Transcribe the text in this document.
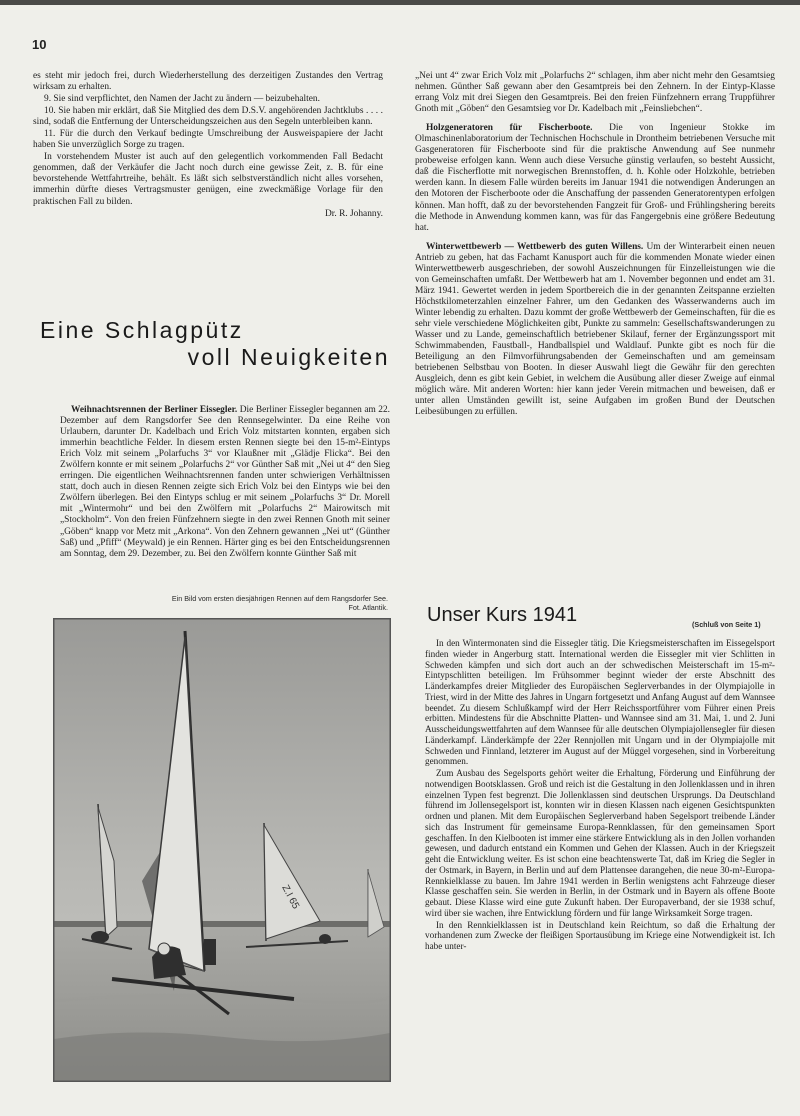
10

es steht mir jedoch frei, durch Wiederherstellung des derzeitigen Zustandes den Vertrag wirksam zu erhalten.

9. Sie sind verpflichtet, den Namen der Jacht zu ändern — beizubehalten.

10. Sie haben mir erklärt, daß Sie Mitglied des dem D.S.V. angehörenden Jachtklubs . . . . sind, sodaß die Entfernung der Unterscheidungszeichen aus den Segeln unterbleiben kann.

11. Für die durch den Verkauf bedingte Umschreibung der Ausweispapiere der Jacht haben Sie unverzüglich Sorge zu tragen.

In vorstehendem Muster ist auch auf den gelegentlich vorkommenden Fall Bedacht genommen, daß der Verkäufer die Jacht noch durch eine gewisse Zeit, z. B. für eine bevorstehende Wettfahrtreihe, behält. Es läßt sich selbstverständlich nicht alles vorsehen, immerhin dürfte dieses Vertragsmuster genügen, eine zweckmäßige Vorlage für den praktischen Fall zu bilden.

Dr. R. Johanny.

Eine Schlagpütz
voll Neuigkeiten

Weihnachtsrennen der Berliner Eissegler. Die Berliner Eissegler begannen am 22. Dezember auf dem Rangsdorfer See den Rennsegelwinter. Da eine Reihe von Urlaubern, darunter Dr. Kadelbach und Erich Volz mitstarten konnten, ergaben sich immerhin beachtliche Felder. In diesem ersten Rennen siegte bei den 15-m²-Eintyps Erich Volz mit seinem „Polarfuchs 3“ vor Klaußner mit „Glädje Flicka“. Bei den Zwölfern konnte er mit seinem „Polarfuchs 2“ vor Günther Saß mit „Nei ut 4“ den Sieg erringen. Die eigentlichen Weihnachtsrennen fanden unter schwierigen Verhältnissen statt, doch auch in diesen Rennen zeigte sich Erich Volz bei den Eintyps wie bei den Zwölfern überlegen. Bei den Eintyps schlug er mit seinem „Polarfuchs 3“ Dr. Morell mit „Wintermohr“ und bei den Zwölfern mit „Polarfuchs 2“ Mairowitsch mit „Stockholm“. Von den freien Fünfzehnern siegte in den zwei Rennen Gnoth mit seiner „Göben“ knapp vor Metz mit „Arkona“. Von den Zehnern gewannen „Nei ut“ (Günther Saß) und „Pfiff“ (Meywald) je ein Rennen. Härter ging es bei den Entscheidungsrennen am Sonntag, dem 29. Dezember, zu. Bei den Zwölfern konnte Günther Saß mit

Ein Bild vom ersten diesjährigen Rennen auf dem Rangsdorfer See.
Fot. Atlantik.
Z.I 65

„Nei unt 4“ zwar Erich Volz mit „Polarfuchs 2“ schlagen, ihm aber nicht mehr den Gesamtsieg nehmen. Günther Saß gewann aber den Gesamtpreis bei den Zehnern. In der Eintyp-Klasse errang Volz mit drei Siegen den Gesamtpreis. Bei den freien Fünfzehnern errang Truppführer Gnoth mit „Göben“ den Gesamtsieg vor Dr. Kadelbach mit „Feinsliebchen“.

Holzgeneratoren für Fischerboote. Die von Ingenieur Stokke im Olmaschinenlaboratorium der Technischen Hochschule in Drontheim betriebenen Versuche mit Gasgeneratoren für Fischerboote sind für die praktische Anwendung auf See nunmehr probeweise erfolgen kann. Wenn auch diese Versuche günstig verlaufen, so besteht Aussicht, daß die Fischerflotte mit norwegischen Brennstoffen, d. h. Kohle oder Holzkohle, betrieben werden kann. In diesem Falle würden bereits im Januar 1941 die notwendigen Änderungen an den Motoren der Fischerboote oder die Anschaffung der passenden Generatorentypen erfolgen können. Man hofft, daß zu der bevorstehenden Fangzeit für Groß- und Frühlingshering bereits die Methode in Anwendung kommen kann, was für das Fangergebnis eine größere Bedeutung hat.

Winterwettbewerb — Wettbewerb des guten Willens. Um der Winterarbeit einen neuen Antrieb zu geben, hat das Fachamt Kanusport auch für die kommenden Monate wieder einen Winterwettbewerb ausgeschrieben, der sowohl Auszeichnungen für Einzelleistungen wie die von Gemeinschaften umfaßt. Der Wettbewerb hat am 1. November begonnen und endet am 31. März 1941. Gewertet werden in jedem Sportbereich die in der genannten Zeitspanne erzielten Höchstkilometerzahlen einzelner Fahrer, um den Gedanken des Wasserwanderns auch im Winter lebendig zu erhalten. Dazu kommt der große Wettbewerb der Gemeinschaften, für die es sehr viele verschiedene Möglichkeiten gibt, Punkte zu sammeln: Gesellschaftswanderungen zu Wasser und zu Lande, gemeinschaftlich betriebener Skilauf, ferner der Ergänzungssport mit Schwimmabenden, Faustball-, Handballspiel und Waldlauf. Punkte gibt es noch für die Beteiligung an den Filmvorführungsabenden der Gemeinschaften und am gemeinsam betriebenen Selbstbau von Booten. In dieser Auswahl liegt die Gewähr für den gerechten Ausgleich, denn es gibt kein Gebiet, in welchem die Ausübung aller dieser Zweige auf einmal möglich wäre. Mit anderen Worten: hier kann jeder Verein mitmachen und beweisen, daß er unter allen Umständen gewillt ist, seine Aufgaben im großen Bund der Deutschen Leibesübungen zu erfüllen.

Unser Kurs 1941	(Schluß von Seite 1)

In den Wintermonaten sind die Eissegler tätig. Die Kriegsmeisterschaften im Eissegelsport finden wieder in Angerburg statt. International werden die Eissegler mit vier Schlitten in Schweden kämpfen und sich dort auch an der schwedischen Meisterschaft im 15-m²-Eintypschlitten beteiligen. Im Frühsommer beginnt wieder der erste Abschnitt des Länderkampfes dreier Mitglieder des Europäischen Seglerverbandes in der Olympiajolle in Triest, wird in der Mitte des Jahres in Ungarn fortgesetzt und Anfang August auf dem Wannsee beendet. Zu diesem Schlußkampf wird der Herr Reichssportführer vom Führer einen Preis erbitten. Mindestens für die Abschnitte Platten- und Wannsee sind am 31. Mai, 1. und 2. Juni Ausscheidungswettfahrten auf dem Wannsee für alle deutschen Olympiajollensegler für diesen Länderkampf. Länderkämpfe der 22er Rennjollen mit Ungarn und in der Olympiajolle mit Schweden und Finnland, letzterer im August auf der Müggel vorgesehen, sind in Vorbereitung genommen.

Zum Ausbau des Segelsports gehört weiter die Erhaltung, Förderung und Einführung der notwendigen Bootsklassen. Groß und reich ist die Gestaltung in den Jollenklassen und in ihren einzelnen Typen fest begrenzt. Die Jollenklassen sind deutschen Ursprungs. Da Deutschland führend im Jollensegelsport ist, konnten wir in diesen Klassen nach eigenen Gesichtspunkten ordnen und planen. Mit dem Europäischen Seglerverband haben Segelsport treibende Länder sich das Instrument für gemeinsame Europa-Rennklassen, für den gemeinsamen Sport geschaffen. In den Kielbooten ist immer eine stärkere Entwicklung als in den Jollen vorhanden gewesen, und dadurch entstand ein Kommen und Gehen der Klassen. Auch in der Kriegszeit geht die Entwicklung weiter. Es ist schon eine beachtenswerte Tat, daß im Krieg die Segler in der Ostmark, in Bayern, in Berlin und auf dem Plattensee darangehen, die neue 30-m²-Europa-Rennkielklasse zu bauen. Im Jahre 1941 werden in Berlin wenigstens acht Fahrzeuge dieser Klasse geschaffen sein. Sie werden in Berlin, in der Ostmark und in Bayern als offene Boote gebaut. Diese Klasse wird eine gute Zukunft haben. Der Europaverband, der sie 1938 schuf, wird über sie wachen, ihre Entwicklung fördern und für lange Wirksamkeit Sorge tragen.

In den Rennkielklassen ist in Deutschland kein Reichtum, so daß die Erhaltung der vorhandenen zum Zwecke der fleißigen Sportausübung im Kriege eine Notwendigkeit ist. Ich habe unter-
